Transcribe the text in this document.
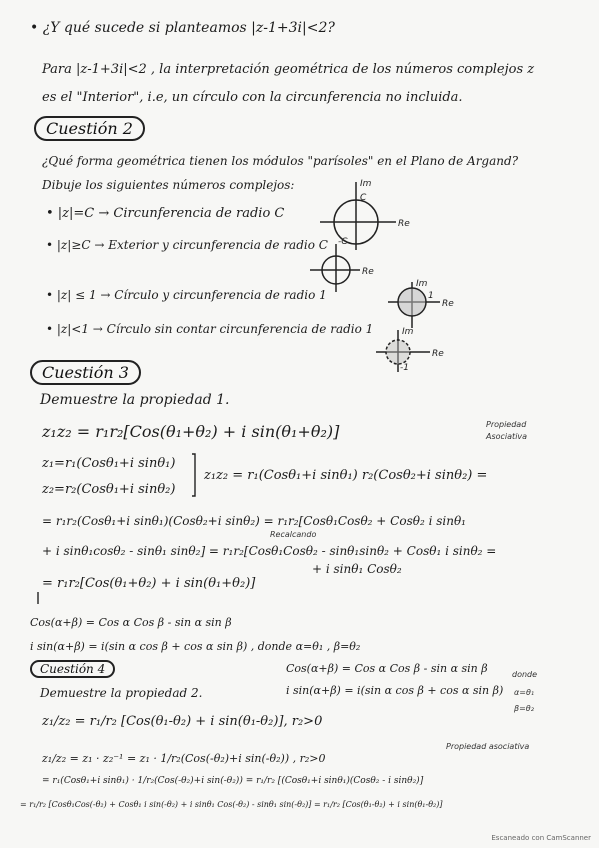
• ¿Y qué sucede si planteamos |z-1+3i|<2?
Para |z-1+3i|<2 , la interpretación geométrica de los números complejos z
es el "Interior", i.e, un círculo con la circunferencia no incluida.
Cuestión 2
¿Qué forma geométrica tienen los módulos "parísoles" en el Plano de Argand?
Dibuje los siguientes números complejos:
• |z|=C → Circunferencia de radio C
• |z|≥C → Exterior y circunferencia de radio C
• |z| ≤ 1 → Círculo y circunferencia de radio 1
• |z|<1 → Círculo sin contar circunferencia de radio 1
Im
Re
C
-C
Re
Im
Re
1
Im
Re
-1
Cuestión 3
Demuestre la propiedad 1.
z₁z₂ = r₁r₂[Cos(θ₁+θ₂) + i sin(θ₁+θ₂)]	Propiedad
Asociativa
z₁=r₁(Cosθ₁+i sinθ₁)
z₂=r₂(Cosθ₁+i sinθ₂)
z₁z₂ = r₁(Cosθ₁+i sinθ₁) r₂(Cosθ₂+i sinθ₂) =
= r₁r₂(Cosθ₁+i sinθ₁)(Cosθ₂+i sinθ₂) = r₁r₂[Cosθ₁Cosθ₂ + Cosθ₂ i sinθ₁
Recalcando
+ i sinθ₁cosθ₂ - sinθ₁ sinθ₂] = r₁r₂[Cosθ₁Cosθ₂ - sinθ₁sinθ₂ + Cosθ₁ i sinθ₂ =
+ i sinθ₁ Cosθ₂
= r₁r₂[Cos(θ₁+θ₂) + i sin(θ₁+θ₂)]
Cos(α+β) = Cos α Cos β - sin α sin β
i sin(α+β) = i(sin α cos β + cos α sin β) , donde α=θ₁ , β=θ₂
Cos(α+β) = Cos α Cos β - sin α sin β
i sin(α+β) = i(sin α cos β + cos α sin β)
donde
α=θ₁
β=θ₂
Cuestión 4
Demuestre la propiedad 2.
z₁/z₂ = r₁/r₂ [Cos(θ₁-θ₂) + i sin(θ₁-θ₂)], r₂>0
z₁/z₂ = z₁ · z₂⁻¹ = z₁ · 1/r₂(Cos(-θ₂)+i sin(-θ₂)) , r₂>0
Propiedad asociativa
= r₁(Cosθ₁+i sinθ₁) · 1/r₂(Cos(-θ₂)+i sin(-θ₂)) = r₁/r₂ [(Cosθ₁+i sinθ₁)(Cosθ₂ - i sinθ₂)]
= r₁/r₂ [Cosθ₁Cos(-θ₂) + Cosθ₁ i sin(-θ₂) + i sinθ₁ Cos(-θ₂) - sinθ₁ sin(-θ₂)] = r₁/r₂ [Cos(θ₁-θ₂) + i sin(θ₁-θ₂)]
Escaneado con CamScanner
